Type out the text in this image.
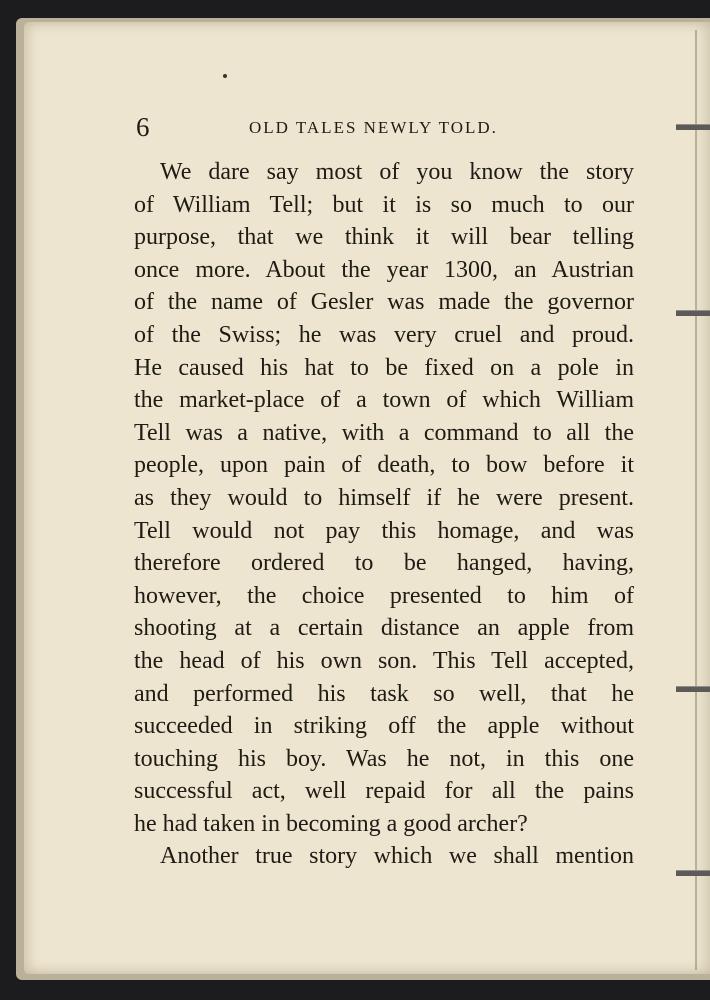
6	OLD TALES NEWLY TOLD.
We dare say most of you know the story
of William Tell; but it is so much to our
purpose, that we think it will bear telling
once more. About the year 1300, an Austrian
of the name of Gesler was made the governor
of the Swiss; he was very cruel and proud.
He caused his hat to be fixed on a pole in
the market-place of a town of which William
Tell was a native, with a command to all the
people, upon pain of death, to bow before it
as they would to himself if he were present.
Tell would not pay this homage, and was
therefore ordered to be hanged, having,
however, the choice presented to him of
shooting at a certain distance an apple from
the head of his own son. This Tell accepted,
and performed his task so well, that he
succeeded in striking off the apple without
touching his boy. Was he not, in this one
successful act, well repaid for all the pains
he had taken in becoming a good archer?
Another true story which we shall mention
